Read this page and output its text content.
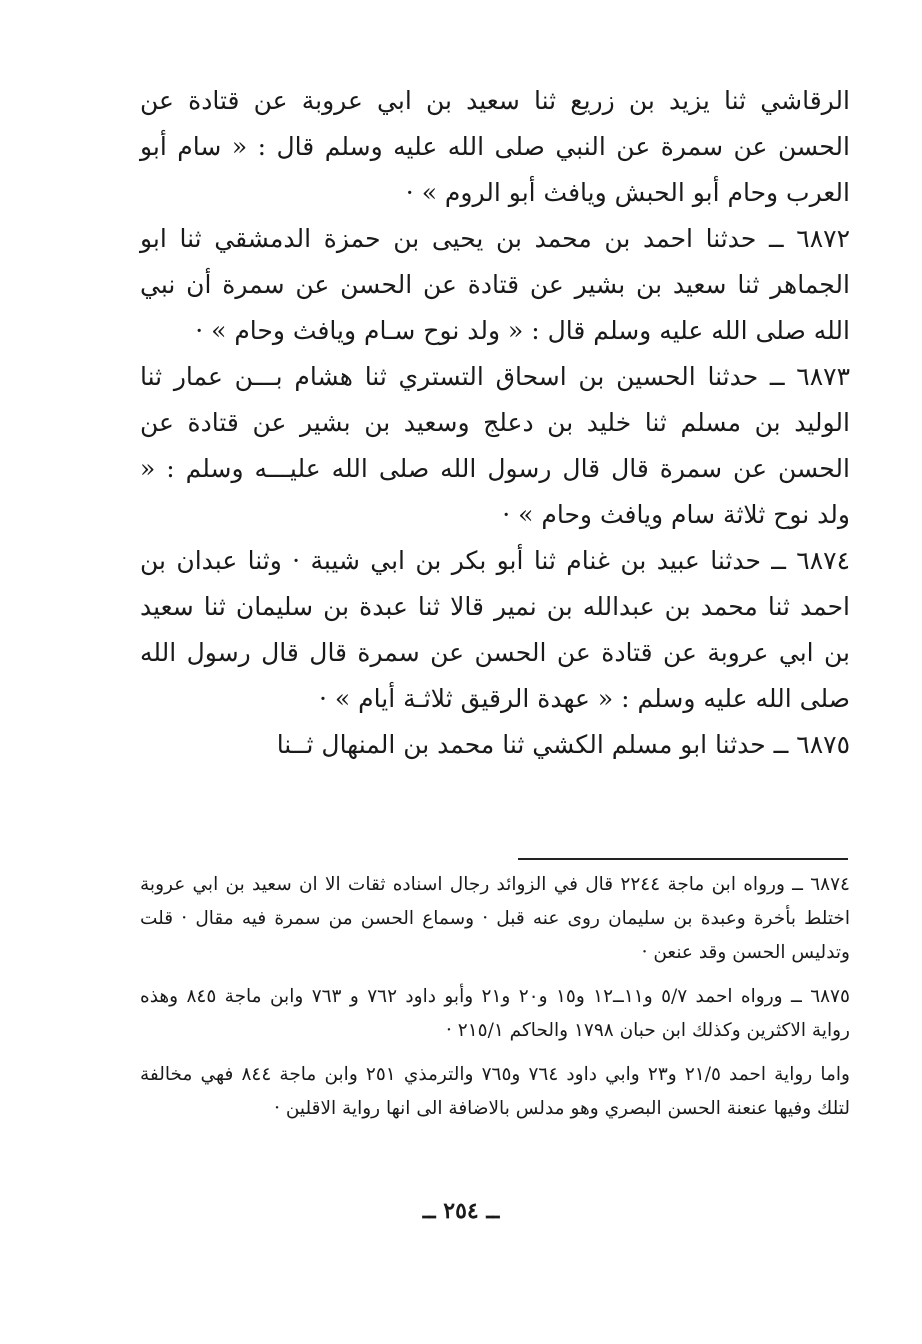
الرقاشي ثنا يزيد بن زريع ثنا سعيد بن ابي عروبة عن قتادة عن الحسن عن سمرة عن النبي صلى الله عليه وسلم قال : « سام أبو العرب وحام أبو الحبش ويافث أبو الروم » ·

٦٨٧٢ ــ حدثنا احمد بن محمد بن يحيى بن حمزة الدمشقي ثنا ابو الجماهر ثنا سعيد بن بشير عن قتادة عن الحسن عن سمرة أن نبي الله صلى الله عليه وسلم قال : « ولد نوح سـام ويافث وحام » ·

٦٨٧٣ ــ حدثنا الحسين بن اسحاق التستري ثنا هشام بـــن عمار ثنا الوليد بن مسلم ثنا خليد بن دعلج وسعيد بن بشير عن قتادة عن الحسن عن سمرة قال قال رسول الله صلى الله عليـــه وسلم : « ولد نوح ثلاثة سام ويافث وحام » ·

٦٨٧٤ ــ حدثنا عبيد بن غنام ثنا أبو بكر بن ابي شيبة · وثنا عبدان بن احمد ثنا محمد بن عبدالله بن نمير قالا ثنا عبدة بن سليمان ثنا سعيد بن ابي عروبة عن قتادة عن الحسن عن سمرة قال قال رسول الله صلى الله عليه وسلم : « عهدة الرقيق ثلاثـة أيام » ·

٦٨٧٥ ــ حدثنا ابو مسلم الكشي ثنا محمد بن المنهال ثــنا

٦٨٧٤ ــ ورواه ابن ماجة ٢٢٤٤ قال في الزوائد رجال اسناده ثقات الا ان سعيد بن ابي عروبة اختلط بأخرة وعبدة بن سليمان روى عنه قبل · وسماع الحسن من سمرة فيه مقال · قلت وتدليس الحسن وقد عنعن ·

٦٨٧٥ ــ ورواه احمد ٥/٧ و١١ــ١٢ و١٥ و٢٠ و٢١ وأبو داود ٧٦٢ و ٧٦٣ وابن ماجة ٨٤٥ وهذه رواية الاكثرين وكذلك ابن حبان ١٧٩٨ والحاكم ٢١٥/١ ·

واما رواية احمد ٢١/٥ و٢٣ وابي داود ٧٦٤ و٧٦٥ والترمذي ٢٥١ وابن ماجة ٨٤٤ فهي مخالفة لتلك وفيها عنعنة الحسن البصري وهو مدلس بالاضافة الى انها رواية الاقلين ·

ــ ٢٥٤ ــ
